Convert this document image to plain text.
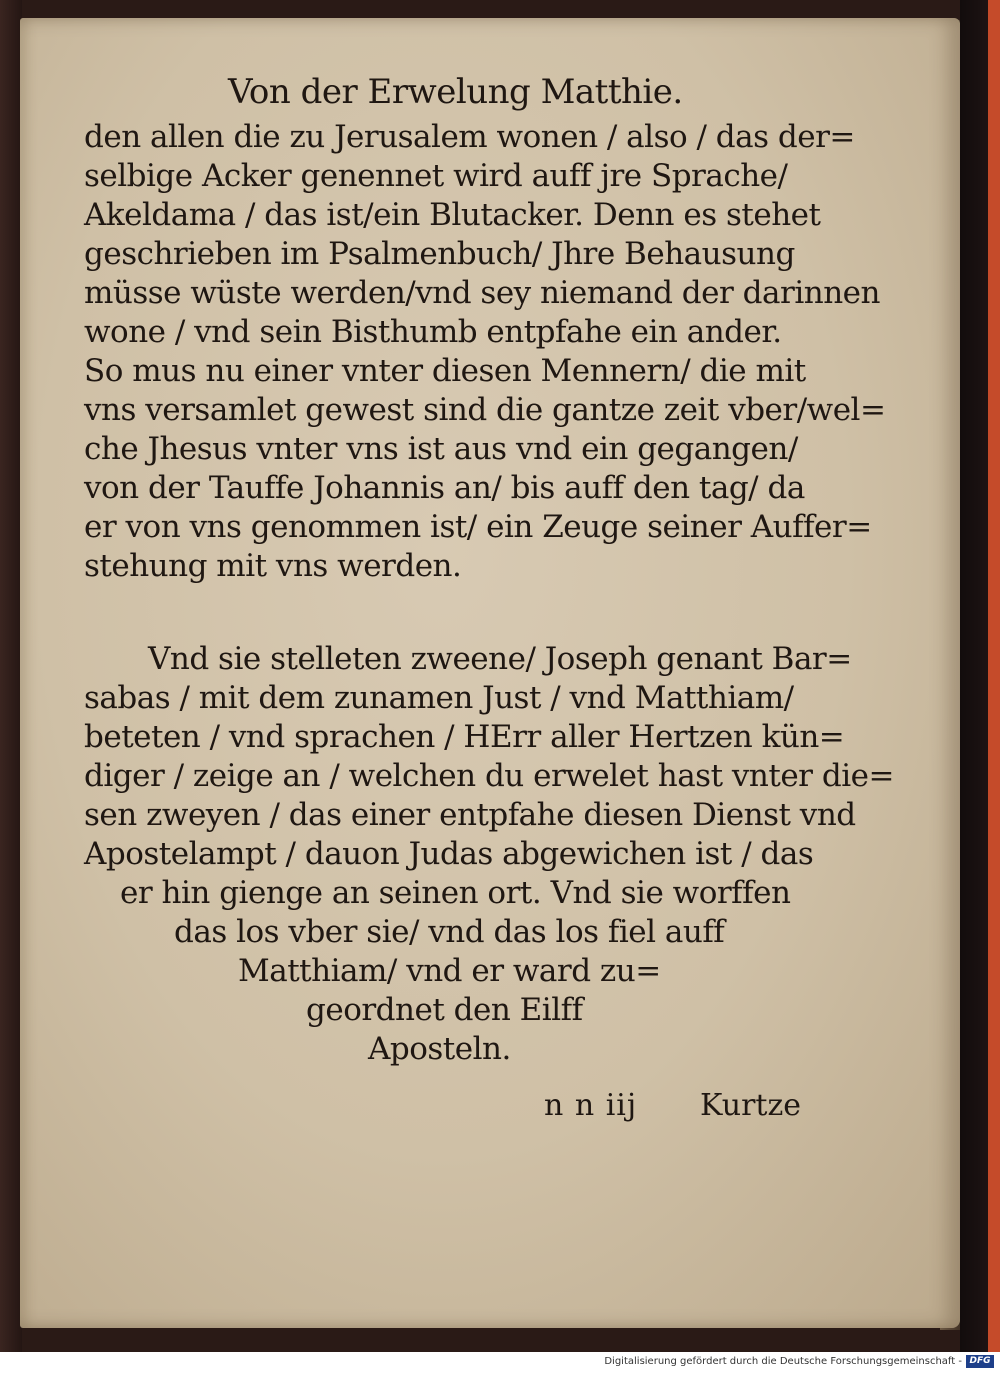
Von der Erwelung Matthie.
den allen die zu Jerusalem wonen / also / das der=
selbige Acker genennet wird auff jre Sprache/
Akeldama / das ist/ein Blutacker. Denn es stehet
geschrieben im Psalmenbuch/ Jhre Behausung
müsse wüste werden/vnd sey niemand der darinnen
wone / vnd sein Bisthumb entpfahe ein ander.
So mus nu einer vnter diesen Mennern/ die mit
vns versamlet gewest sind die gantze zeit vber/wel=
che Jhesus vnter vns ist aus vnd ein gegangen/
von der Tauffe Johannis an/ bis auff den tag/ da
er von vns genommen ist/ ein Zeuge seiner Auffer=
stehung mit vns werden.
Vnd sie stelleten zweene/ Joseph genant Bar=
sabas / mit dem zunamen Just / vnd Matthiam/
beteten / vnd sprachen / HErr aller Hertzen kün=
diger / zeige an / welchen du erwelet hast vnter die=
sen zweyen / das einer entpfahe diesen Dienst vnd
Apostelampt / dauon Judas abgewichen ist / das
er hin gienge an seinen ort. Vnd sie worffen
das los vber sie/ vnd das los fiel auff
Matthiam/ vnd er ward zu=
geordnet den Eilff
Aposteln.
n n iij Kurtze
Digitalisierung gefördert durch die Deutsche Forschungsgemeinschaft - DFG
